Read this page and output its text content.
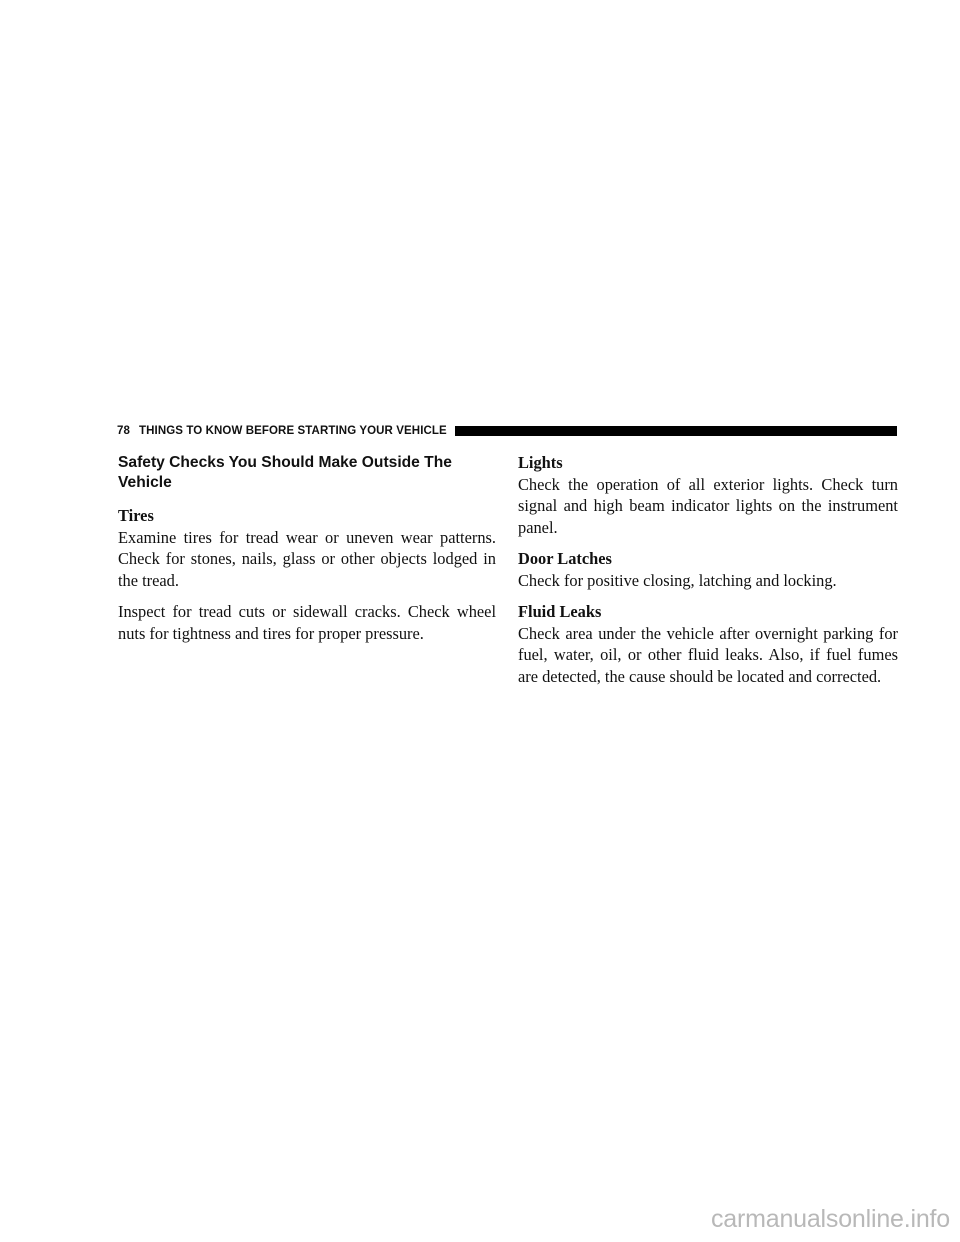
78 THINGS TO KNOW BEFORE STARTING YOUR VEHICLE
Safety Checks You Should Make Outside The Vehicle

Tires

Examine tires for tread wear or uneven wear patterns. Check for stones, nails, glass or other objects lodged in the tread.

Inspect for tread cuts or sidewall cracks. Check wheel nuts for tightness and tires for proper pressure.

Lights

Check the operation of all exterior lights. Check turn signal and high beam indicator lights on the instrument panel.

Door Latches

Check for positive closing, latching and locking.

Fluid Leaks

Check area under the vehicle after overnight parking for fuel, water, oil, or other fluid leaks. Also, if fuel fumes are detected, the cause should be located and corrected.

carmanualsonline.info
